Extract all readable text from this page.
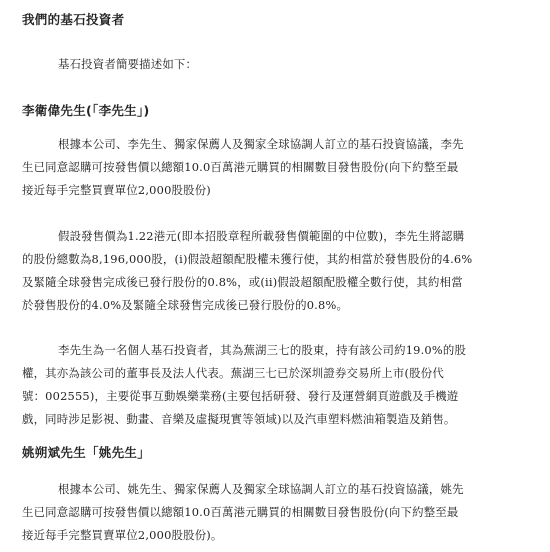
我們的基石投資者

基石投資者簡要描述如下：

李衛偉先生(「李先生」)

根據本公司、李先生、獨家保薦人及獨家全球協調人訂立的基石投資協議，李先
生已同意認購可按發售價以總額10.0百萬港元購買的相關數目發售股份(向下約整至最
接近每手完整買賣單位2,000股股份)

假設發售價為1.22港元(即本招股章程所載發售價範圍的中位數)，李先生將認購
的股份總數為8,196,000股，(i)假設超額配股權未獲行使，其約相當於發售股份的4.6%
及緊隨全球發售完成後已發行股份的0.8%，或(ii)假設超額配股權全數行使，其約相當
於發售股份的4.0%及緊隨全球發售完成後已發行股份的0.8%。

李先生為一名個人基石投資者，其為蕪湖三七的股東，持有該公司約19.0%的股
權，其亦為該公司的董事長及法人代表。蕪湖三七已於深圳證券交易所上市(股份代
號：002555)，主要從事互動娛樂業務(主要包括研發、發行及運營網頁遊戲及手機遊
戲，同時涉足影視、動畫、音樂及虛擬現實等領域)以及汽車塑料燃油箱製造及銷售。

姚朔斌先生「姚先生」

根據本公司、姚先生、獨家保薦人及獨家全球協調人訂立的基石投資協議，姚先
生已同意認購可按發售價以總額10.0百萬港元購買的相關數目發售股份(向下約整至最
接近每手完整買賣單位2,000股股份)。
